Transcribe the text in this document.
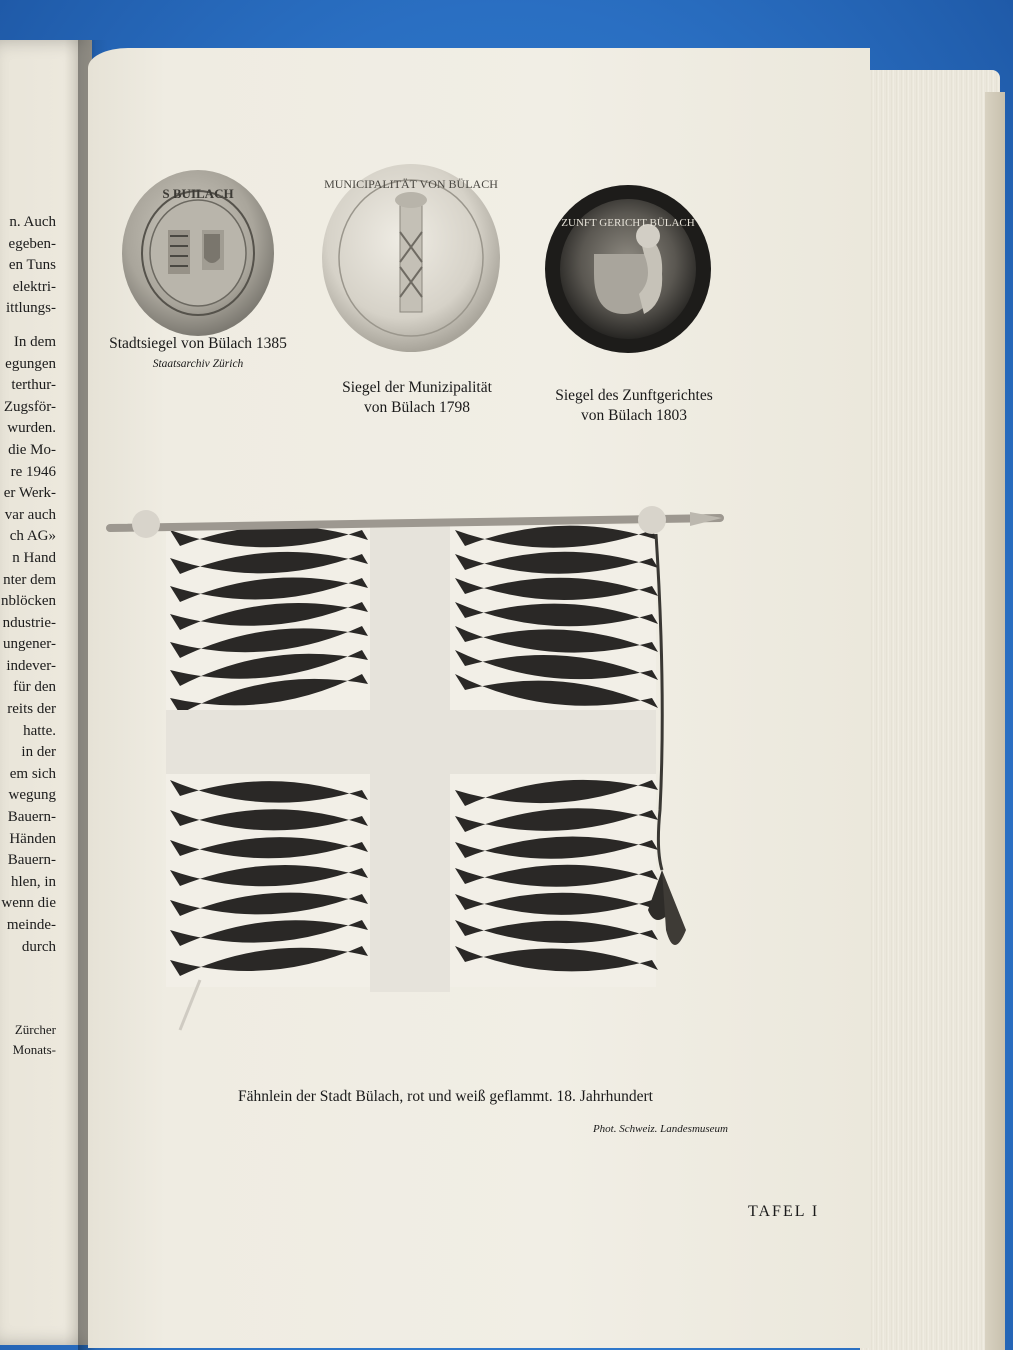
n. Auch
egeben-
en Tuns
elektri-
ittlungs-
In dem
egungen
terthur-
Zugsför-
wurden.
die Mo-
re 1946
er Werk-
var auch
ch AG»
n Hand
nter dem
nblöcken
ndustrie-
ungener-
indever-
für den
reits der
hatte.
in der
em sich
wegung
Bauern-
Händen
Bauern-
hlen, in
wenn die
meinde-
durch
Zürcher
Monats-
S BUILACH
Stadtsiegel von Bülach 1385
Staatsarchiv Zürich
MUNICIPALITÄT VON BÜLACH
Siegel der Munizipalität
von Bülach 1798
ZUNFT GERICHT BÜLACH
Siegel des Zunftgerichtes
von Bülach 1803
Fähnlein der Stadt Bülach, rot und weiß geflammt. 18. Jahrhundert
Phot. Schweiz. Landesmuseum
TAFEL I
